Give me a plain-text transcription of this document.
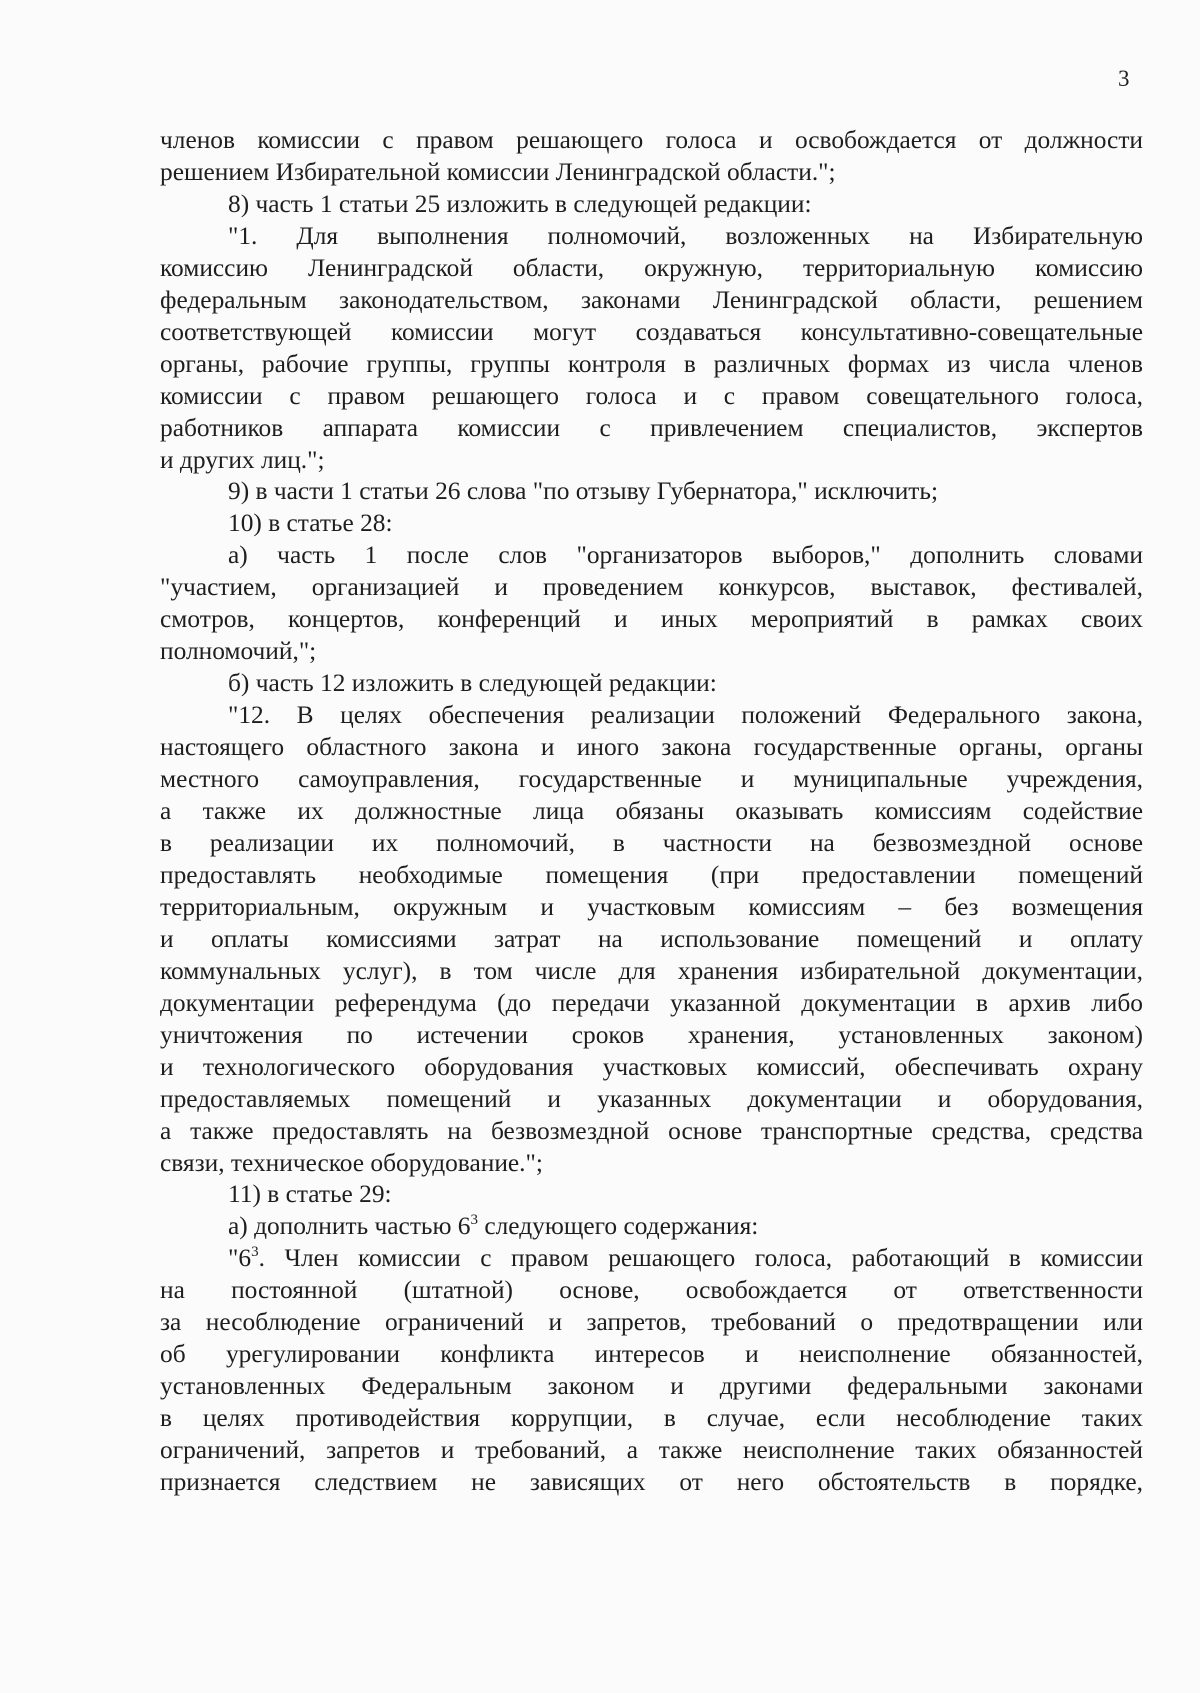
3

членов комиссии с правом решающего голоса и освобождается от должности

решением Избирательной комиссии Ленинградской области.";

8) часть 1 статьи 25 изложить в следующей редакции:

"1. Для выполнения полномочий, возложенных на Избирательную

комиссию Ленинградской области, окружную, территориальную комиссию

федеральным законодательством, законами Ленинградской области, решением

соответствующей комиссии могут создаваться консультативно-совещательные

органы, рабочие группы, группы контроля в различных формах из числа членов

комиссии с правом решающего голоса и с правом совещательного голоса,

работников аппарата комиссии с привлечением специалистов, экспертов

и других лиц.";

9) в части 1 статьи 26 слова "по отзыву Губернатора," исключить;

10) в статье 28:

а) часть 1 после слов "организаторов выборов," дополнить словами

"участием, организацией и проведением конкурсов, выставок, фестивалей,

смотров, концертов, конференций и иных мероприятий в рамках своих

полномочий,";

б) часть 12 изложить в следующей редакции:

"12. В целях обеспечения реализации положений Федерального закона,

настоящего областного закона и иного закона государственные органы, органы

местного самоуправления, государственные и муниципальные учреждения,

а также их должностные лица обязаны оказывать комиссиям содействие

в реализации их полномочий, в частности на безвозмездной основе

предоставлять необходимые помещения (при предоставлении помещений

территориальным, окружным и участковым комиссиям – без возмещения

и оплаты комиссиями затрат на использование помещений и оплату

коммунальных услуг), в том числе для хранения избирательной документации,

документации референдума (до передачи указанной документации в архив либо

уничтожения по истечении сроков хранения, установленных законом)

и технологического оборудования участковых комиссий, обеспечивать охрану

предоставляемых помещений и указанных документации и оборудования,

а также предоставлять на безвозмездной основе транспортные средства, средства

связи, техническое оборудование.";

11) в статье 29:

а) дополнить частью $6^3$ следующего содержания:

"$6^3$. Член комиссии с правом решающего голоса, работающий в комиссии

на постоянной (штатной) основе, освобождается от ответственности

за несоблюдение ограничений и запретов, требований о предотвращении или

об урегулировании конфликта интересов и неисполнение обязанностей,

установленных Федеральным законом и другими федеральными законами

в целях противодействия коррупции, в случае, если несоблюдение таких

ограничений, запретов и требований, а также неисполнение таких обязанностей

признается следствием не зависящих от него обстоятельств в порядке,
